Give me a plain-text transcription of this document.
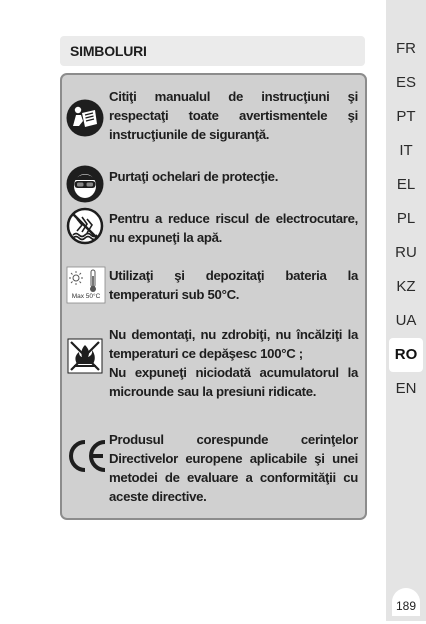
SIMBOLURI
Citiţi manualul de instrucţiuni şi respectaţi toate avertismentele şi instrucţiunile de siguranţă.
Purtaţi ochelari de protecţie.
Pentru a reduce riscul de electrocutare, nu expuneţi la apă.
Max 50°C
Utilizaţi şi depozitaţi bateria la temperaturi sub 50°C.
Nu demontaţi, nu zdrobiţi, nu încălziţi la temperaturi ce depăşesc 100°C ;
Nu expuneţi niciodată acumulatorul la microunde sau la presiuni ridicate.
Produsul corespunde cerinţelor Directivelor europene aplicabile şi unei metodei de evaluare a conformităţii cu aceste directive.
FR
ES
PT
IT
EL
PL
RU
KZ
UA
RO
EN
189
